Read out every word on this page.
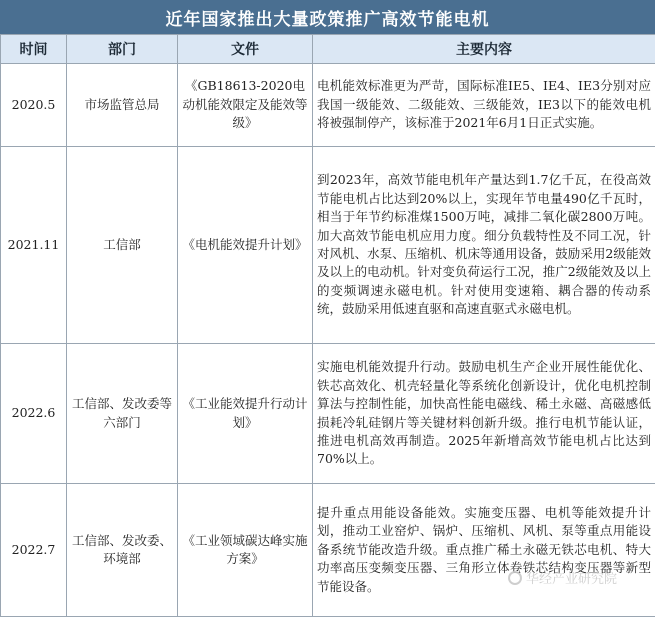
近年国家推出大量政策推广高效节能电机
时间	部门	文件	主要内容
2020.5	市场监管总局	《GB18613-2020电动机能效限定及能效等级》	电机能效标准更为严苛，国际标准IE5、IE4、IE3分别对应我国一级能效、二级能效、三级能效，IE3以下的能效电机将被强制停产，该标准于2021年6月1日正式实施。
2021.11	工信部	《电机能效提升计划》	到2023年，高效节能电机年产量达到1.7亿千瓦，在役高效节能电机占比达到20%以上，实现年节电量490亿千瓦时，相当于年节约标准煤1500万吨，减排二氧化碳2800万吨。加大高效节能电机应用力度。细分负载特性及不同工况，针对风机、水泵、压缩机、机床等通用设备，鼓励采用2级能效及以上的电动机。针对变负荷运行工况，推广2级能效及以上的变频调速永磁电机。针对使用变速箱、耦合器的传动系统，鼓励采用低速直驱和高速直驱式永磁电机。
2022.6	工信部、发改委等六部门	《工业能效提升行动计划》	实施电机能效提升行动。鼓励电机生产企业开展性能优化、铁芯高效化、机壳轻量化等系统化创新设计，优化电机控制算法与控制性能，加快高性能电磁线、稀土永磁、高磁感低损耗冷轧硅钢片等关键材料创新升级。推行电机节能认证，推进电机高效再制造。2025年新增高效节能电机占比达到70%以上。
2022.7	工信部、发改委、环境部	《工业领域碳达峰实施方案》	提升重点用能设备能效。实施变压器、电机等能效提升计划，推动工业窑炉、锅炉、压缩机、风机、泵等重点用能设备系统节能改造升级。重点推广稀土永磁无铁芯电机、特大功率高压变频变压器、三角形立体卷铁芯结构变压器等新型节能设备。	华经产业研究院
